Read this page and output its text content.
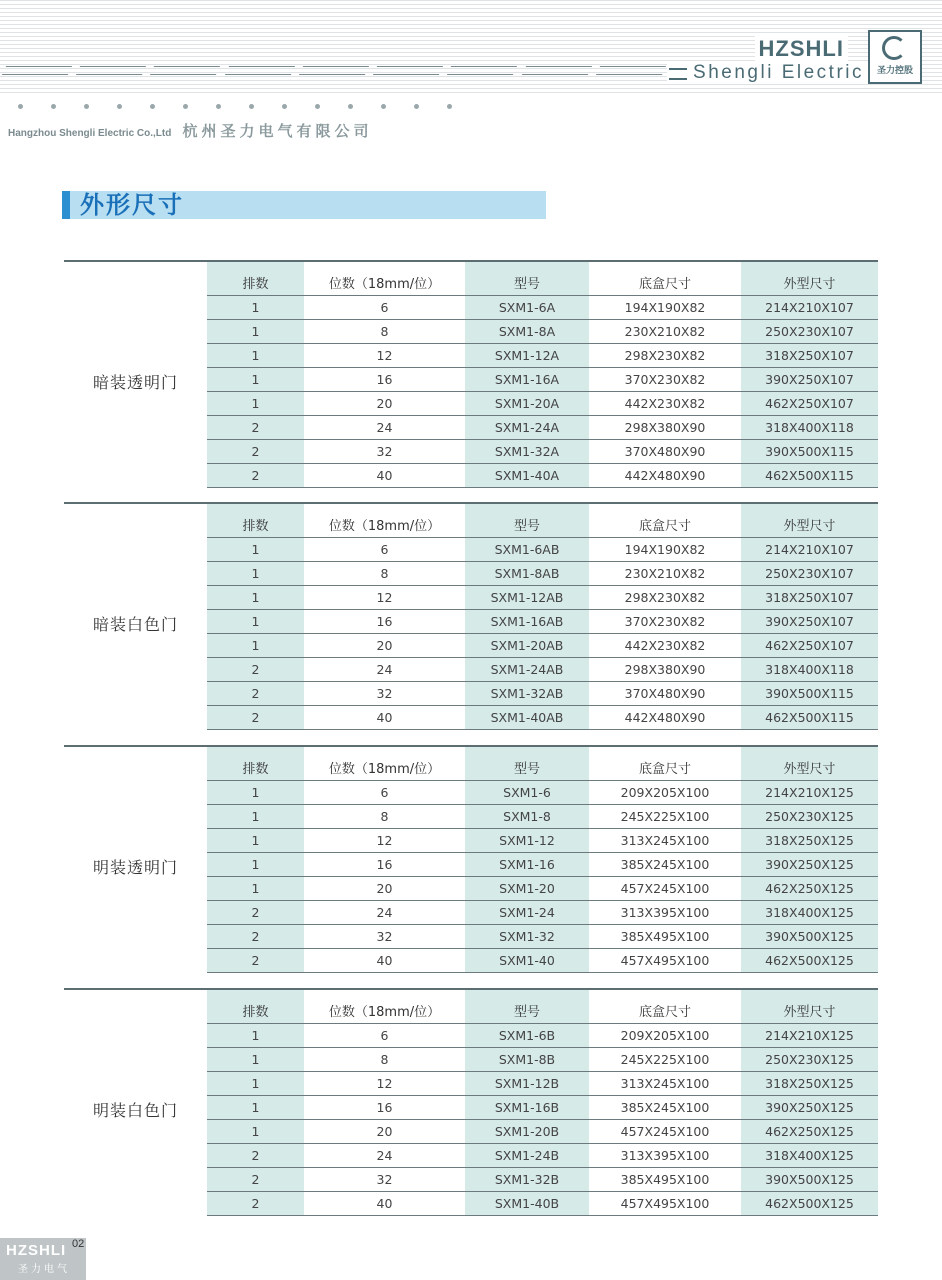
HZSHLI
Shengli Electric	圣力控股
Hangzhou Shengli Electric Co.,Ltd 杭州圣力电气有限公司
外形尺寸
暗装透明门
排数	位数（18mm/位）	型号	底盒尺寸	外型尺寸
1	6	SXM1-6A	194X190X82	214X210X107
1	8	SXM1-8A	230X210X82	250X230X107
1	12	SXM1-12A	298X230X82	318X250X107
1	16	SXM1-16A	370X230X82	390X250X107
1	20	SXM1-20A	442X230X82	462X250X107
2	24	SXM1-24A	298X380X90	318X400X118
2	32	SXM1-32A	370X480X90	390X500X115
2	40	SXM1-40A	442X480X90	462X500X115
暗装白色门
排数	位数（18mm/位）	型号	底盒尺寸	外型尺寸
1	6	SXM1-6AB	194X190X82	214X210X107
1	8	SXM1-8AB	230X210X82	250X230X107
1	12	SXM1-12AB	298X230X82	318X250X107
1	16	SXM1-16AB	370X230X82	390X250X107
1	20	SXM1-20AB	442X230X82	462X250X107
2	24	SXM1-24AB	298X380X90	318X400X118
2	32	SXM1-32AB	370X480X90	390X500X115
2	40	SXM1-40AB	442X480X90	462X500X115
明装透明门
排数	位数（18mm/位）	型号	底盒尺寸	外型尺寸
1	6	SXM1-6	209X205X100	214X210X125
1	8	SXM1-8	245X225X100	250X230X125
1	12	SXM1-12	313X245X100	318X250X125
1	16	SXM1-16	385X245X100	390X250X125
1	20	SXM1-20	457X245X100	462X250X125
2	24	SXM1-24	313X395X100	318X400X125
2	32	SXM1-32	385X495X100	390X500X125
2	40	SXM1-40	457X495X100	462X500X125
明装白色门
排数	位数（18mm/位）	型号	底盒尺寸	外型尺寸
1	6	SXM1-6B	209X205X100	214X210X125
1	8	SXM1-8B	245X225X100	250X230X125
1	12	SXM1-12B	313X245X100	318X250X125
1	16	SXM1-16B	385X245X100	390X250X125
1	20	SXM1-20B	457X245X100	462X250X125
2	24	SXM1-24B	313X395X100	318X400X125
2	32	SXM1-32B	385X495X100	390X500X125
2	40	SXM1-40B	457X495X100	462X500X125
HZSHLI
圣力电气
02
